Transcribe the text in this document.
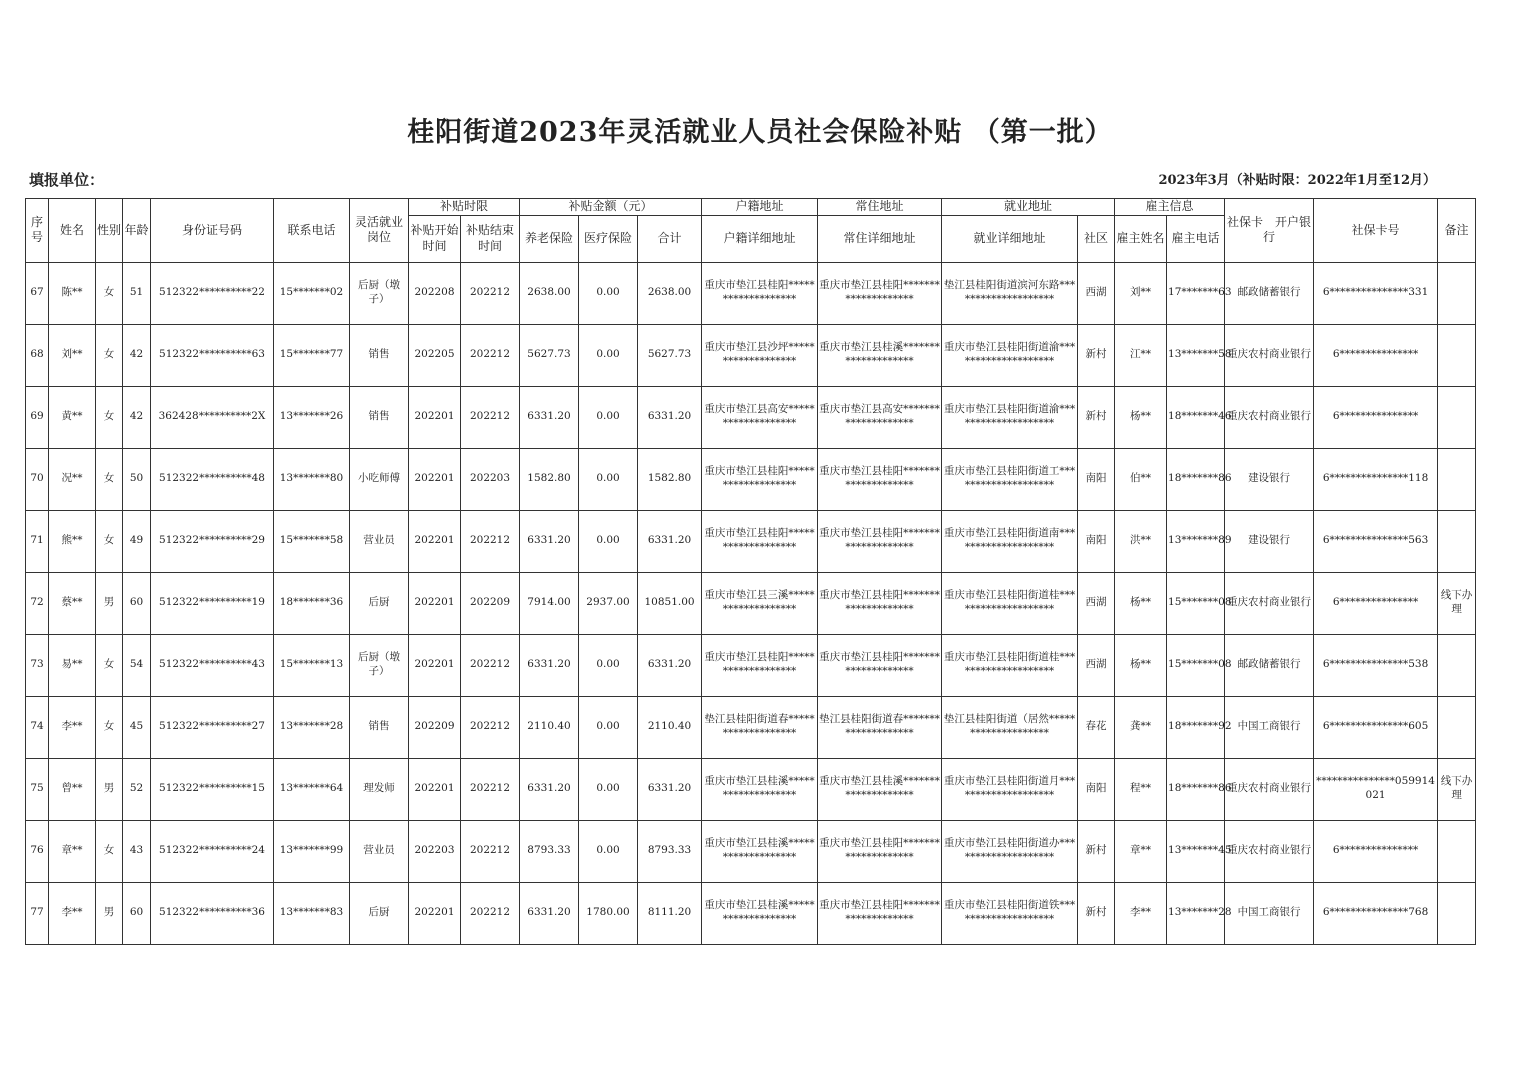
桂阳街道2023年灵活就业人员社会保险补贴 （第一批）
填报单位：	2023年3月（补贴时限：2022年1月至12月）
序号	姓名	性别	年龄	身份证号码	联系电话	灵活就业岗位	补贴时限		补贴金额（元）			户籍地址	常住地址	就业地址		雇主信息		社保卡　开户银行	社保卡号	备注
							补贴开始时间	补贴结束时间	养老保险	医疗保险	合计	户籍详细地址	常住详细地址	就业详细地址	社区	雇主姓名	雇主电话			
67	陈**	女	51	512322**********22	15*******02	后厨（墩子）	202208	202212	2638.00	0.00	2638.00	重庆市垫江县桂阳*******************	重庆市垫江县桂阳********************	垫江县桂阳街道滨河东路********************	西湖	刘**	17*******63	邮政储蓄银行	6***************331	
68	刘**	女	42	512322**********63	15*******77	销售	202205	202212	5627.73	0.00	5627.73	重庆市垫江县沙坪*******************	重庆市垫江县桂溪********************	重庆市垫江县桂阳街道渝********************	新村	江**	13*******58	重庆农村商业银行	6***************	
69	黄**	女	42	362428**********2X	13*******26	销售	202201	202212	6331.20	0.00	6331.20	重庆市垫江县高安*******************	重庆市垫江县高安********************	重庆市垫江县桂阳街道渝********************	新村	杨**	18*******46	重庆农村商业银行	6***************	
70	况**	女	50	512322**********48	13*******80	小吃师傅	202201	202203	1582.80	0.00	1582.80	重庆市垫江县桂阳*******************	重庆市垫江县桂阳********************	重庆市垫江县桂阳街道工********************	南阳	伯**	18*******86	建设银行	6***************118	
71	熊**	女	49	512322**********29	15*******58	营业员	202201	202212	6331.20	0.00	6331.20	重庆市垫江县桂阳*******************	重庆市垫江县桂阳********************	重庆市垫江县桂阳街道南********************	南阳	洪**	13*******89	建设银行	6***************563	
72	蔡**	男	60	512322**********19	18*******36	后厨	202201	202209	7914.00	2937.00	10851.00	重庆市垫江县三溪*******************	重庆市垫江县桂阳********************	重庆市垫江县桂阳街道桂********************	西湖	杨**	15*******08	重庆农村商业银行	6***************	线下办理
73	易**	女	54	512322**********43	15*******13	后厨（墩子）	202201	202212	6331.20	0.00	6331.20	重庆市垫江县桂阳*******************	重庆市垫江县桂阳********************	重庆市垫江县桂阳街道桂********************	西湖	杨**	15*******08	邮政储蓄银行	6***************538	
74	李**	女	45	512322**********27	13*******28	销售	202209	202212	2110.40	0.00	2110.40	垫江县桂阳街道春*******************	垫江县桂阳街道春********************	垫江县桂阳街道（居然********************	春花	龚**	18*******92	中国工商银行	6***************605	
75	曾**	男	52	512322**********15	13*******64	理发师	202201	202212	6331.20	0.00	6331.20	重庆市垫江县桂溪*******************	重庆市垫江县桂溪********************	重庆市垫江县桂阳街道月********************	南阳	程**	18*******86	重庆农村商业银行	***************059914021	线下办理
76	章**	女	43	512322**********24	13*******99	营业员	202203	202212	8793.33	0.00	8793.33	重庆市垫江县桂溪*******************	重庆市垫江县桂阳********************	重庆市垫江县桂阳街道办********************	新村	章**	13*******45	重庆农村商业银行	6***************	
77	李**	男	60	512322**********36	13*******83	后厨	202201	202212	6331.20	1780.00	8111.20	重庆市垫江县桂溪*******************	重庆市垫江县桂阳********************	重庆市垫江县桂阳街道铁********************	新村	李**	13*******28	中国工商银行	6***************768	
